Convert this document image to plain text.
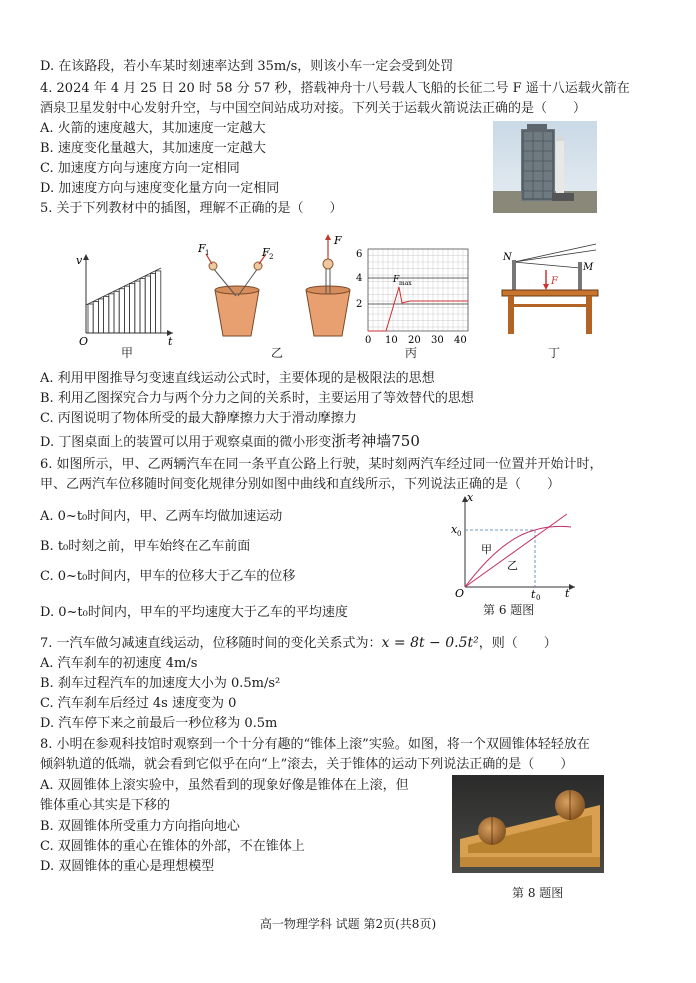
D. 在该路段，若小车某时刻速率达到 35m/s，则该小车一定会受到处罚
4. 2024 年 4 月 25 日 20 时 58 分 57 秒，搭载神舟十八号载人飞船的长征二号 F 遥十八运载火箭在
酒泉卫星发射中心发射升空，与中国空间站成功对接。下列关于运载火箭说法正确的是（　　）
A. 火箭的速度越大，其加速度一定越大
B. 速度变化量越大，其加速度一定越大
C. 加速度方向与速度方向一定相同
D. 加速度方向与速度变化量方向一定相同
5. 关于下列教材中的插图，理解不正确的是（　　）
v
t
O
甲
F 1	F 2
F
乙
F max
6
4
2
0 10 20 30 40
丙
N
M
F
丁
A. 利用甲图推导匀变速直线运动公式时，主要体现的是极限法的思想
B. 利用乙图探究合力与两个分力之间的关系时，主要运用了等效替代的思想
C. 丙图说明了物体所受的最大静摩擦力大于滑动摩擦力
D. 丁图桌面上的装置可以用于观察桌面的微小形变浙考神墙750
6. 如图所示，甲、乙两辆汽车在同一条平直公路上行驶，某时刻两汽车经过同一位置并开始计时，
甲、乙两汽车位移随时间变化规律分别如图中曲线和直线所示，下列说法正确的是（　　）
A. 0~t₀时间内，甲、乙两车均做加速运动
B. t₀时刻之前，甲车始终在乙车前面
C. 0~t₀时间内，甲车的位移大于乙车的位移
D. 0~t₀时间内，甲车的平均速度大于乙车的平均速度
x
x 0
甲
乙
O	t 0 t
第 6 题图
7. 一汽车做匀减速直线运动，位移随时间的变化关系式为：x = 8t − 0.5t²，则（　　）
A. 汽车刹车的初速度 4m/s
B. 刹车过程汽车的加速度大小为 0.5m/s²
C. 汽车刹车后经过 4s 速度变为 0
D. 汽车停下来之前最后一秒位移为 0.5m
8. 小明在参观科技馆时观察到一个十分有趣的“锥体上滚”实验。如图，将一个双圆锥体轻轻放在
倾斜轨道的低端，就会看到它似乎在向“上”滚去，关于锥体的运动下列说法正确的是（　　）
A. 双圆锥体上滚实验中，虽然看到的现象好像是锥体在上滚，但
锥体重心其实是下移的
B. 双圆锥体所受重力方向指向地心
C. 双圆锥体的重心在锥体的外部，不在锥体上
D. 双圆锥体的重心是理想模型
第 8 题图
高一物理学科 试题 第2页(共8页)
